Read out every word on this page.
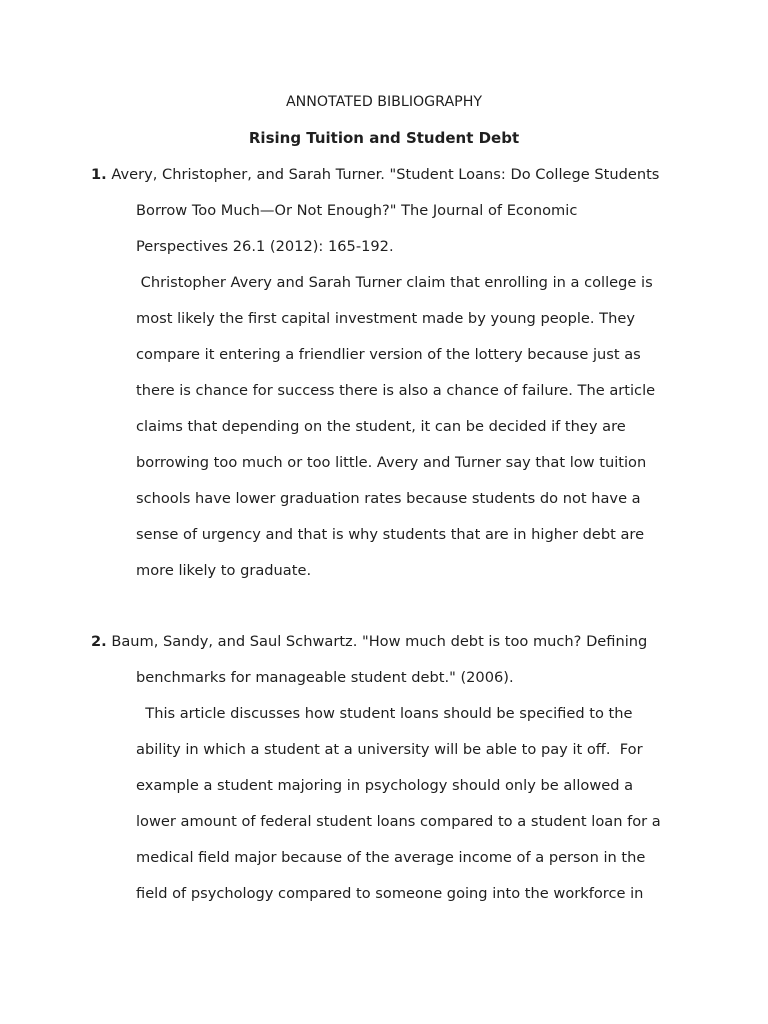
ANNOTATED BIBLIOGRAPHY
Rising Tuition and Student Debt
1. Avery, Christopher, and Sarah Turner. "Student Loans: Do College Students
Borrow Too Much—Or Not Enough?" The Journal of Economic
Perspectives 26.1 (2012): 165-192.
Christopher Avery and Sarah Turner claim that enrolling in a college is
most likely the first capital investment made by young people. They
compare it entering a friendlier version of the lottery because just as
there is chance for success there is also a chance of failure. The article
claims that depending on the student, it can be decided if they are
borrowing too much or too little. Avery and Turner say that low tuition
schools have lower graduation rates because students do not have a
sense of urgency and that is why students that are in higher debt are
more likely to graduate.
2. Baum, Sandy, and Saul Schwartz. "How much debt is too much? Defining
benchmarks for manageable student debt." (2006).
This article discusses how student loans should be specified to the
ability in which a student at a university will be able to pay it off.  For
example a student majoring in psychology should only be allowed a
lower amount of federal student loans compared to a student loan for a
medical field major because of the average income of a person in the
field of psychology compared to someone going into the workforce in
